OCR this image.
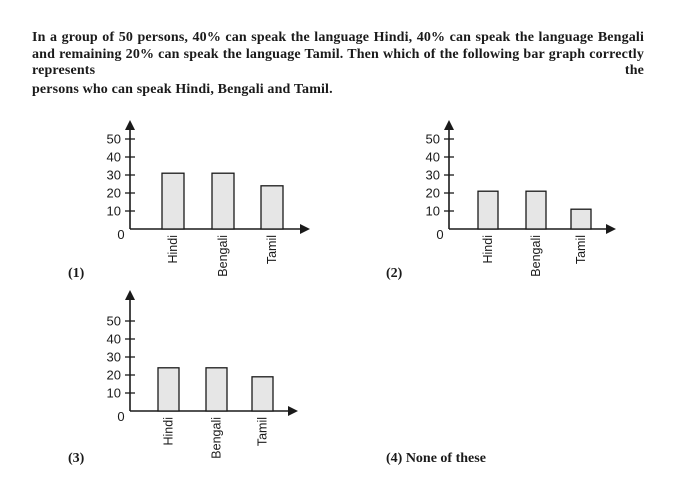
In a group of 50 persons, 40% can speak the language Hindi, 40% can speak the language Bengali and remaining 20% can speak the language Tamil. Then which of the following bar graph correctly represents the

persons who can speak Hindi, Bengali and Tamil.
10
20
30
40
50
0
Hindi	Bengali	Tamil
10
20
30
40
50
0
Hindi	Bengali Tamil
10
20
30
40
50
0
Hindi	Bengali	Tamil
(1)	(2)
(3)	(4) None of these
